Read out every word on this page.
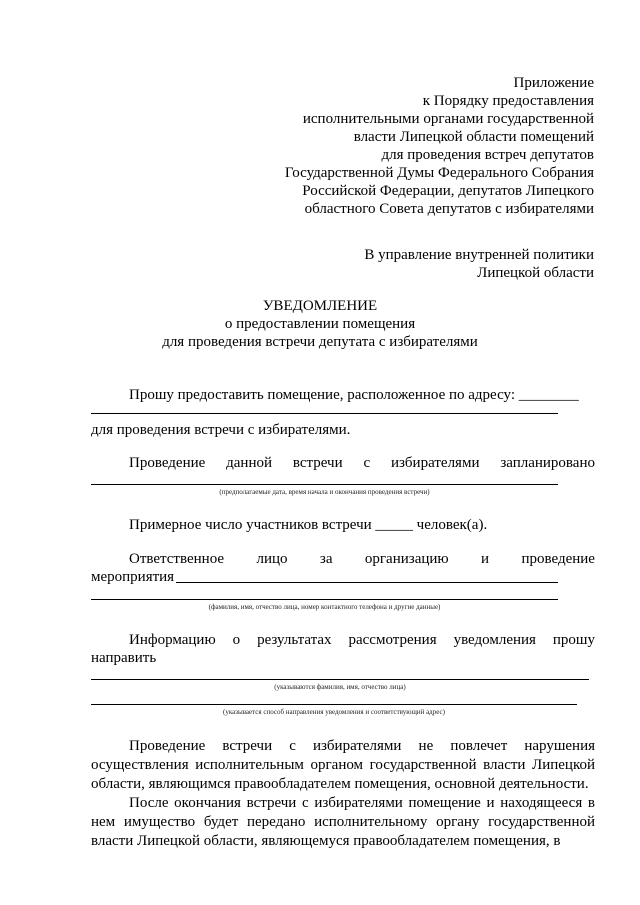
Приложение
к Порядку предоставления
исполнительными органами государственной
власти Липецкой области помещений
для проведения встреч депутатов
Государственной Думы Федерального Собрания
Российской Федерации, депутатов Липецкого
областного Совета депутатов с избирателями
В управление внутренней политики
Липецкой области
УВЕДОМЛЕНИЕ
о предоставлении помещения
для проведения встречи депутата с избирателями
Прошу предоставить помещение, расположенное по адресу: ________
для проведения встречи с избирателями.
Проведение данной встречи с избирателями запланировано
(предполагаемые дата, время начала и окончания проведения встречи)
Примерное число участников встречи _____ человек(а).
Ответственное лицо за организацию и проведение
мероприятия
(фамилия, имя, отчество лица, номер контактного телефона и другие данные)
Информацию о результатах рассмотрения уведомления прошу
направить
(указываются фамилия, имя, отчество лица)
(указывается способ направления уведомления и соответствующий адрес)
Проведение встречи с избирателями не повлечет нарушения осуществления исполнительным органом государственной власти Липецкой области, являющимся правообладателем помещения, основной деятельности.
После окончания встречи с избирателями помещение и находящееся в нем имущество будет передано исполнительному органу государственной власти Липецкой области, являющемуся правообладателем помещения, в
